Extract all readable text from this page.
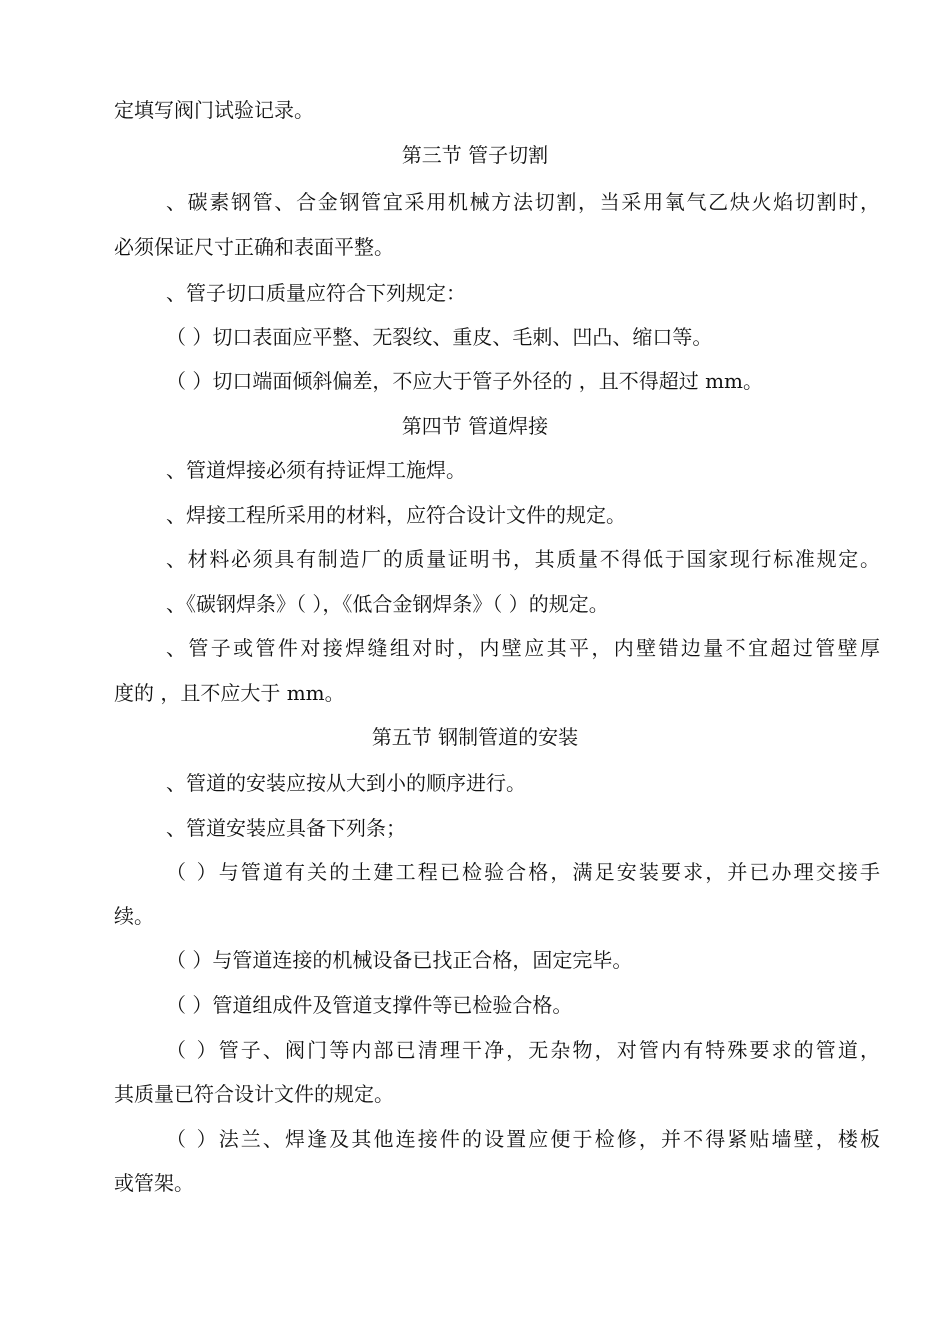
定填写阀门试验记录。
第三节 管子切割
、碳素钢管、合金钢管宜采用机械方法切割，当采用氧气乙炔火焰切割时，
必须保证尺寸正确和表面平整。
、管子切口质量应符合下列规定：
（ ）切口表面应平整、无裂纹、重皮、毛刺、凹凸、缩口等。
（ ）切口端面倾斜偏差，不应大于管子外径的 ，且不得超过 mm。
第四节 管道焊接
、管道焊接必须有持证焊工施焊。
、焊接工程所采用的材料，应符合设计文件的规定。
、材料必须具有制造厂的质量证明书，其质量不得低于国家现行标准规定。
、《碳钢焊条》（ ），《低合金钢焊条》（ ）的规定。
、管子或管件对接焊缝组对时，内壁应其平，内壁错边量不宜超过管壁厚
度的 ，且不应大于 mm。
第五节 钢制管道的安装
、管道的安装应按从大到小的顺序进行。
、管道安装应具备下列条；
（ ）与管道有关的土建工程已检验合格，满足安装要求，并已办理交接手
续。
（ ）与管道连接的机械设备已找正合格，固定完毕。
（ ）管道组成件及管道支撑件等已检验合格。
（ ）管子、阀门等内部已清理干净，无杂物，对管内有特殊要求的管道，
其质量已符合设计文件的规定。
（ ）法兰、焊逢及其他连接件的设置应便于检修，并不得紧贴墙壁，楼板
或管架。
